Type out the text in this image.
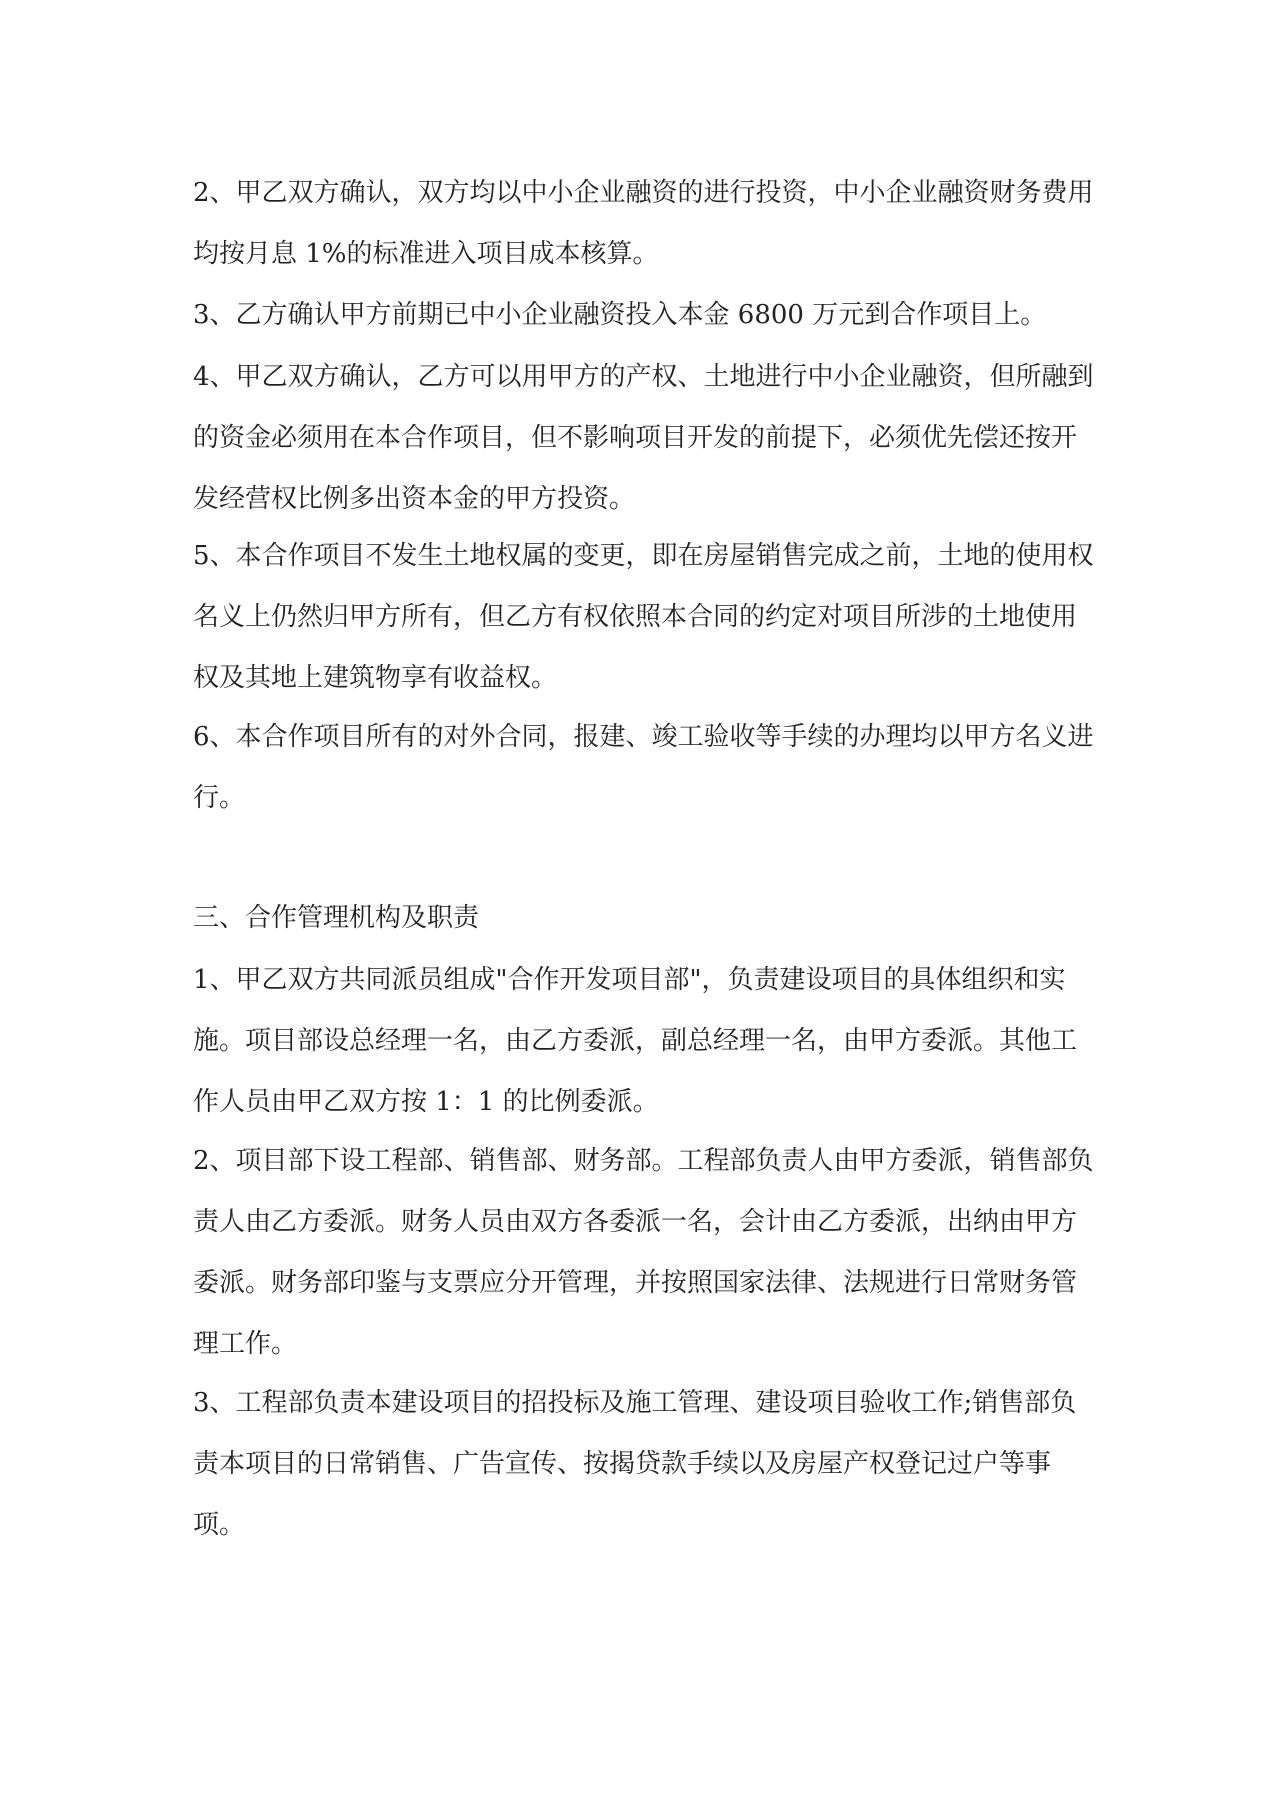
2、甲乙双方确认，双方均以中小企业融资的进行投资，中小企业融资财务费用
均按月息 1%的标准进入项目成本核算。

3、乙方确认甲方前期已中小企业融资投入本金 6800 万元到合作项目上。

4、甲乙双方确认，乙方可以用甲方的产权、土地进行中小企业融资，但所融到
的资金必须用在本合作项目，但不影响项目开发的前提下，必须优先偿还按开
发经营权比例多出资本金的甲方投资。

5、本合作项目不发生土地权属的变更，即在房屋销售完成之前，土地的使用权
名义上仍然归甲方所有，但乙方有权依照本合同的约定对项目所涉的土地使用
权及其地上建筑物享有收益权。

6、本合作项目所有的对外合同，报建、竣工验收等手续的办理均以甲方名义进
行。

三、合作管理机构及职责

1、甲乙双方共同派员组成"合作开发项目部"，负责建设项目的具体组织和实
施。项目部设总经理一名，由乙方委派，副总经理一名，由甲方委派。其他工
作人员由甲乙双方按 1：1 的比例委派。

2、项目部下设工程部、销售部、财务部。工程部负责人由甲方委派，销售部负
责人由乙方委派。财务人员由双方各委派一名，会计由乙方委派，出纳由甲方
委派。财务部印鉴与支票应分开管理，并按照国家法律、法规进行日常财务管
理工作。

3、工程部负责本建设项目的招投标及施工管理、建设项目验收工作;销售部负
责本项目的日常销售、广告宣传、按揭贷款手续以及房屋产权登记过户等事
项。
